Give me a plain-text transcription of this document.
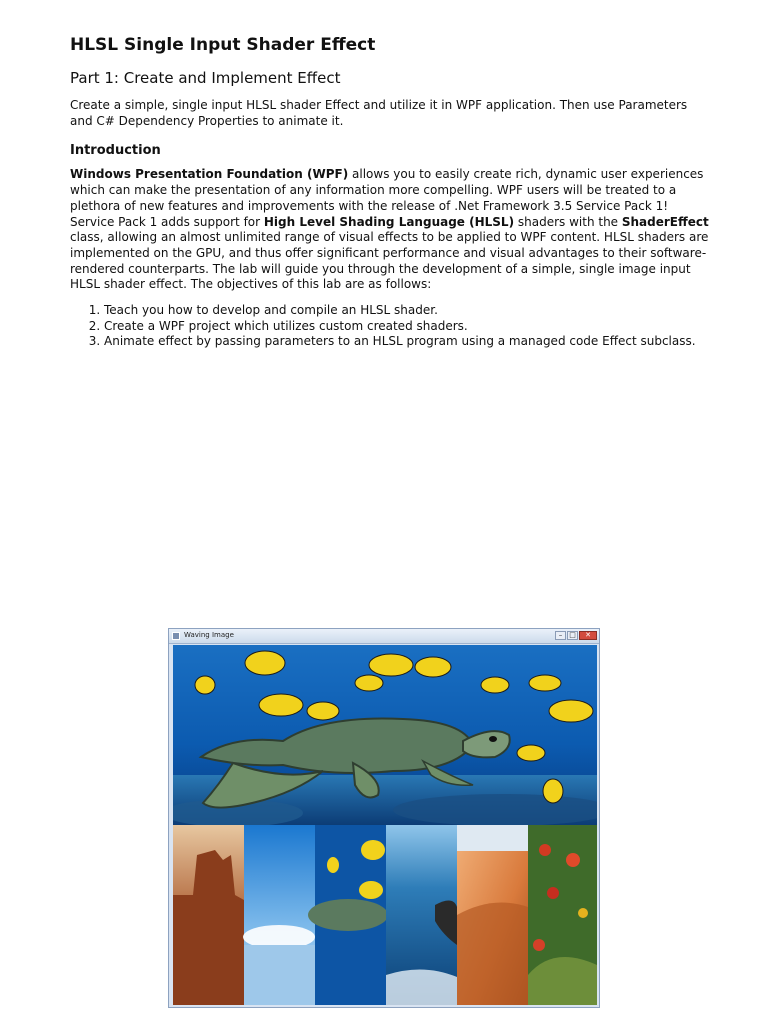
HLSL Single Input Shader Effect
Part 1: Create and Implement Effect

Create a simple, single input HLSL shader Effect and utilize it in WPF application. Then use Parameters and C# Dependency Properties to animate it.

Introduction

Windows Presentation Foundation (WPF) allows you to easily create rich, dynamic user experiences which can make the presentation of any information more compelling. WPF users will be treated to a plethora of new features and improvements with the release of .Net Framework 3.5 Service Pack 1! Service Pack 1 adds support for High Level Shading Language (HLSL) shaders with the ShaderEffect class, allowing an almost unlimited range of visual effects to be applied to WPF content. HLSL shaders are implemented on the GPU, and thus offer significant performance and visual advantages to their software-rendered counterparts. The lab will guide you through the development of a simple, single image input HLSL shader effect. The objectives of this lab are as follows:

1. Teach you how to develop and compile an HLSL shader.
2. Create a WPF project which utilizes custom created shaders.
3. Animate effect by passing parameters to an HLSL program using a managed code Effect subclass.
Waving Image	– □	✕
